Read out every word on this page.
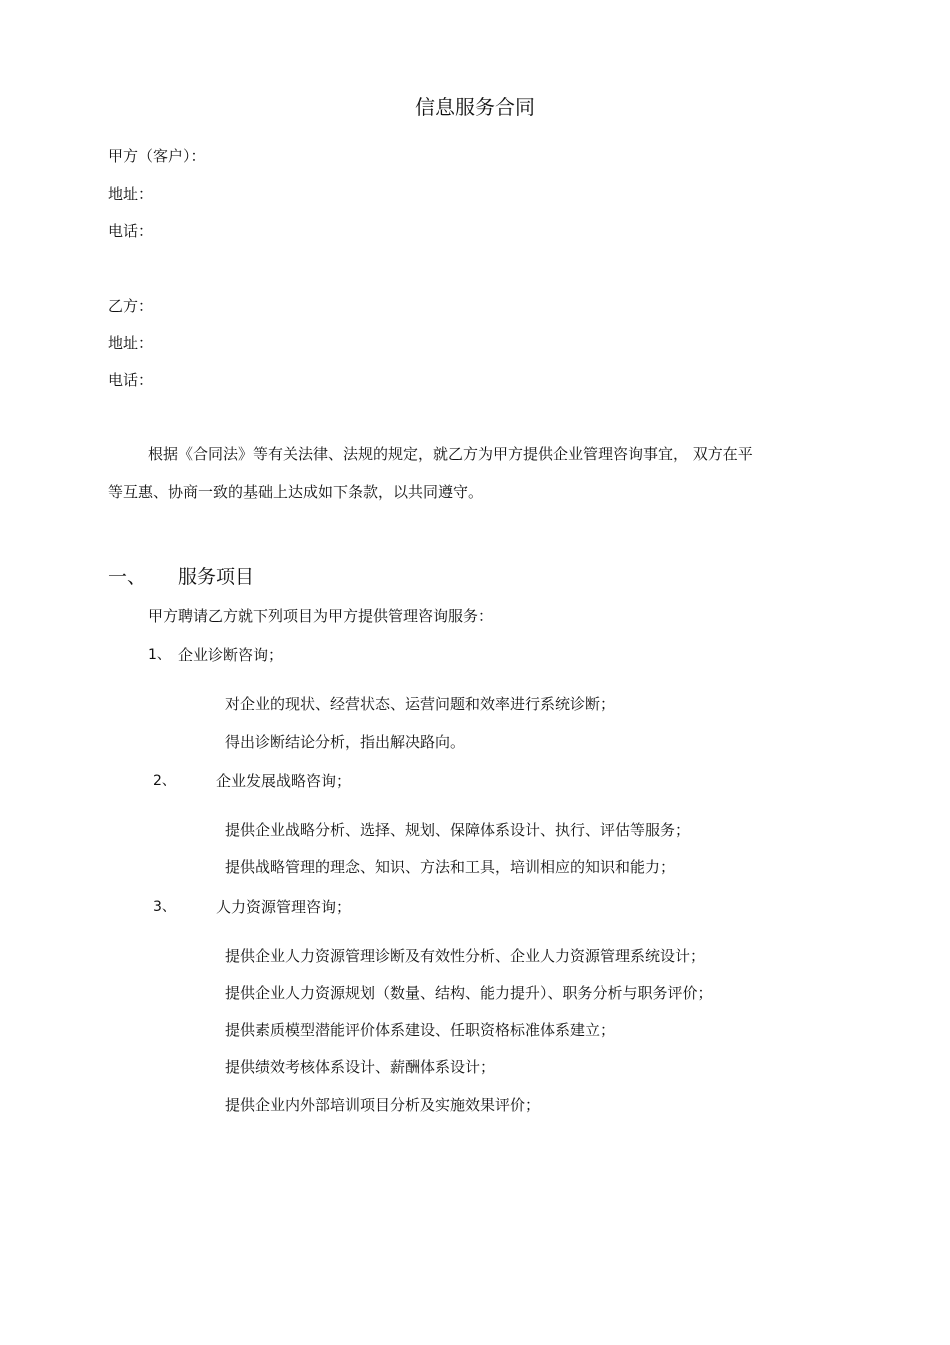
信息服务合同
甲方（客户）：
地址：
电话：
乙方：
地址：
电话：
根据《合同法》等有关法律、法规的规定，就乙方为甲方提供企业管理咨询事宜， 双方在平
等互惠、协商一致的基础上达成如下条款，以共同遵守。
一、 服务项目
甲方聘请乙方就下列项目为甲方提供管理咨询服务：
1、 企业诊断咨询；
对企业的现状、经营状态、运营问题和效率进行系统诊断；
得出诊断结论分析，指出解决路向。
2、	企业发展战略咨询；
提供企业战略分析、选择、规划、保障体系设计、执行、评估等服务；
提供战略管理的理念、知识、方法和工具，培训相应的知识和能力；
3、	人力资源管理咨询；
提供企业人力资源管理诊断及有效性分析、企业人力资源管理系统设计；
提供企业人力资源规划（数量、结构、能力提升）、职务分析与职务评价；
提供素质模型潜能评价体系建设、任职资格标准体系建立；
提供绩效考核体系设计、薪酬体系设计；
提供企业内外部培训项目分析及实施效果评价；
